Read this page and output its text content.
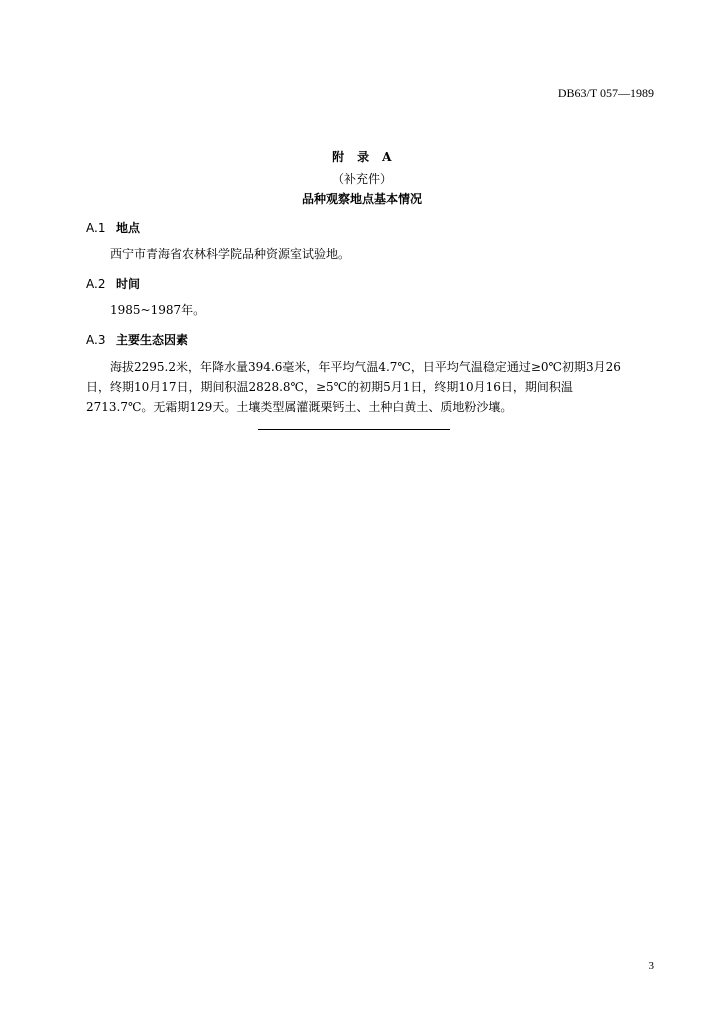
DB63/T 057—1989
附　录　A
（补充件）
品种观察地点基本情况
A.1 地点
西宁市青海省农林科学院品种资源室试验地。
A.2 时间
1985~1987年。
A.3 主要生态因素
海拔2295.2米，年降水量394.6毫米，年平均气温4.7℃，日平均气温稳定通过≥0℃初期3月26
日，终期10月17日，期间积温2828.8℃，≥5℃的初期5月1日，终期10月16日，期间积温
2713.7℃。无霜期129天。土壤类型属灌溉栗钙土、土种白黄土、质地粉沙壤。
3
